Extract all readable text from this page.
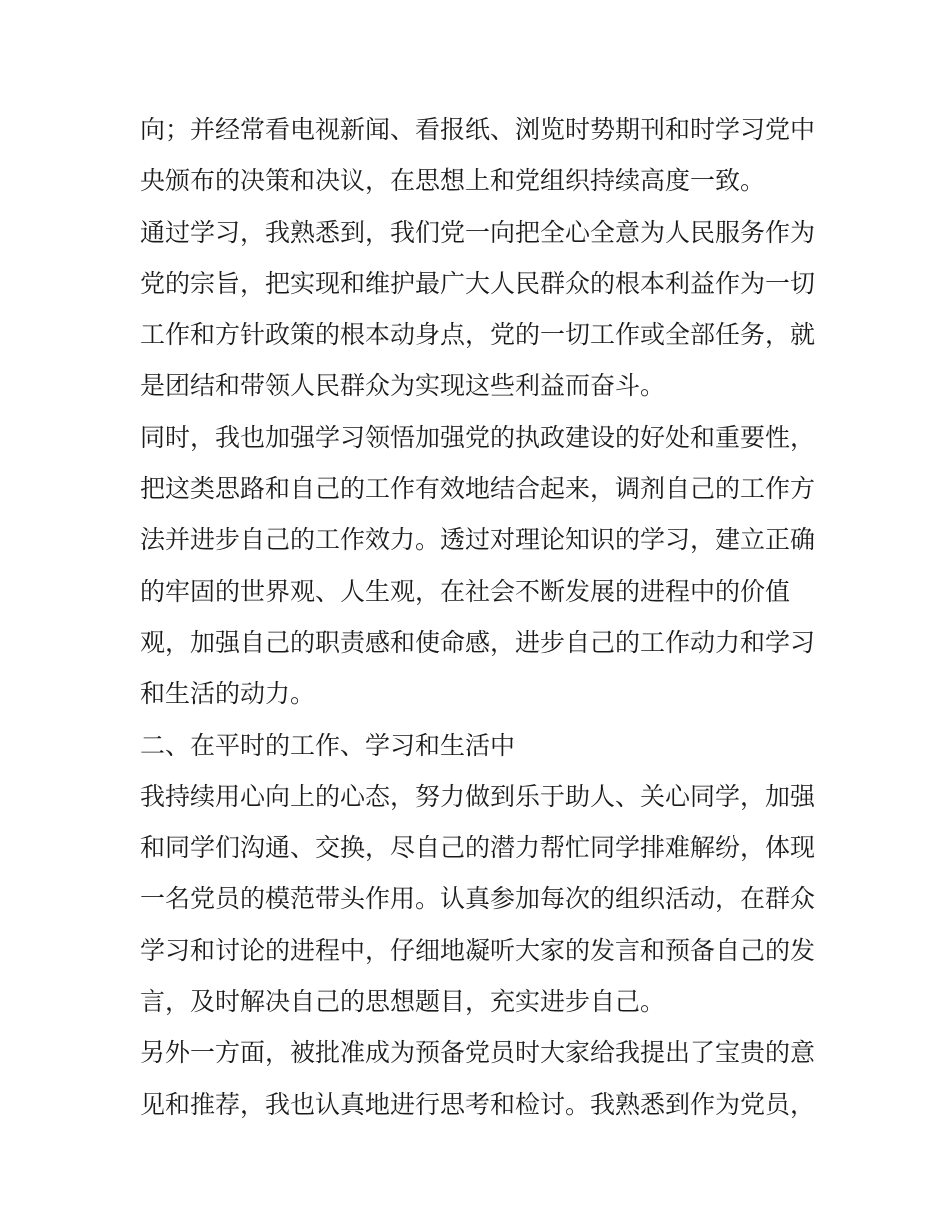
向；并经常看电视新闻、看报纸、浏览时势期刊和时学习党中
央颁布的决策和决议，在思想上和党组织持续高度一致。
通过学习，我熟悉到，我们党一向把全心全意为人民服务作为
党的宗旨，把实现和维护最广大人民群众的根本利益作为一切
工作和方针政策的根本动身点，党的一切工作或全部任务，就
是团结和带领人民群众为实现这些利益而奋斗。
同时，我也加强学习领悟加强党的执政建设的好处和重要性，
把这类思路和自己的工作有效地结合起来，调剂自己的工作方
法并进步自己的工作效力。透过对理论知识的学习，建立正确
的牢固的世界观、人生观，在社会不断发展的进程中的价值
观，加强自己的职责感和使命感，进步自己的工作动力和学习
和生活的动力。
二、在平时的工作、学习和生活中
我持续用心向上的心态，努力做到乐于助人、关心同学，加强
和同学们沟通、交换，尽自己的潜力帮忙同学排难解纷，体现
一名党员的模范带头作用。认真参加每次的组织活动，在群众
学习和讨论的进程中，仔细地凝听大家的发言和预备自己的发
言，及时解决自己的思想题目，充实进步自己。
另外一方面，被批准成为预备党员时大家给我提出了宝贵的意
见和推荐，我也认真地进行思考和检讨。我熟悉到作为党员，
